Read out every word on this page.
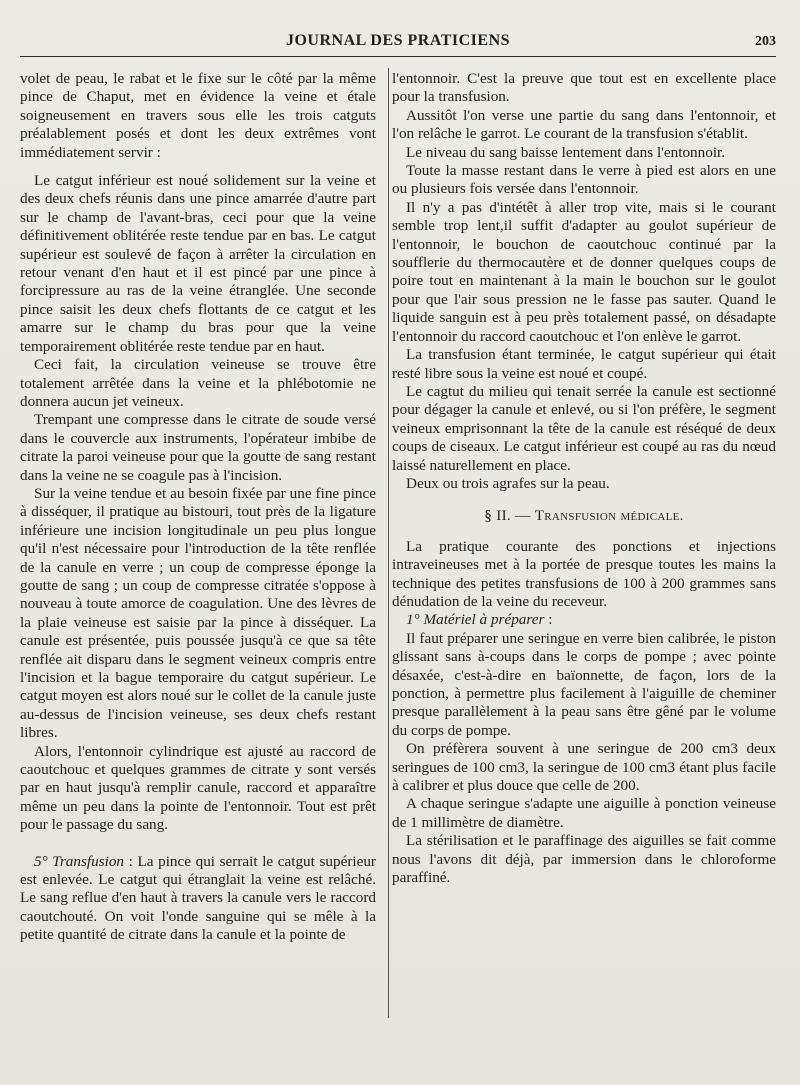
JOURNAL DES PRATICIENS	203

volet de peau, le rabat et le fixe sur le côté par la même pince de Chaput, met en évidence la veine et étale soigneusement en travers sous elle les trois catguts préalablement posés et dont les deux extrêmes vont immédiatement servir :

Le catgut inférieur est noué solidement sur la veine et des deux chefs réunis dans une pince amarrée d'autre part sur le champ de l'avant-bras, ceci pour que la veine définitivement oblitérée reste tendue par en bas. Le catgut supérieur est soulevé de façon à arrêter la circulation en retour venant d'en haut et il est pincé par une pince à forcipressure au ras de la veine étranglée. Une seconde pince saisit les deux chefs flottants de ce catgut et les amarre sur le champ du bras pour que la veine temporairement oblitérée reste tendue par en haut.

Ceci fait, la circulation veineuse se trouve être totalement arrêtée dans la veine et la phlébotomie ne donnera aucun jet veineux.

Trempant une compresse dans le citrate de soude versé dans le couvercle aux instruments, l'opérateur imbibe de citrate la paroi veineuse pour que la goutte de sang restant dans la veine ne se coagule pas à l'incision.

Sur la veine tendue et au besoin fixée par une fine pince à disséquer, il pratique au bistouri, tout près de la ligature inférieure une incision longitudinale un peu plus longue qu'il n'est nécessaire pour l'introduction de la tête renflée de la canule en verre ; un coup de compresse éponge la goutte de sang ; un coup de compresse citratée s'oppose à nouveau à toute amorce de coagulation. Une des lèvres de la plaie veineuse est saisie par la pince à disséquer. La canule est présentée, puis poussée jusqu'à ce que sa tête renflée ait disparu dans le segment veineux compris entre l'incision et la bague temporaire du catgut supérieur. Le catgut moyen est alors noué sur le collet de la canule juste au-dessus de l'incision veineuse, ses deux chefs restant libres.

Alors, l'entonnoir cylindrique est ajusté au raccord de caoutchouc et quelques grammes de citrate y sont versés par en haut jusqu'à remplir canule, raccord et apparaître même un peu dans la pointe de l'entonnoir. Tout est prêt pour le passage du sang.

5° Transfusion : La pince qui serrait le catgut supérieur est enlevée. Le catgut qui étranglait la veine est relâché. Le sang reflue d'en haut à travers la canule vers le raccord caoutchouté. On voit l'onde sanguine qui se mêle à la petite quantité de citrate dans la canule et la pointe de

l'entonnoir. C'est la preuve que tout est en excellente place pour la transfusion.

Aussitôt l'on verse une partie du sang dans l'entonnoir, et l'on relâche le garrot. Le courant de la transfusion s'établit.

Le niveau du sang baisse lentement dans l'entonnoir.

Toute la masse restant dans le verre à pied est alors en une ou plusieurs fois versée dans l'entonnoir.

Il n'y a pas d'intétêt à aller trop vite, mais si le courant semble trop lent,il suffit d'adapter au goulot supérieur de l'entonnoir, le bouchon de caoutchouc continué par la soufflerie du thermocautère et de donner quelques coups de poire tout en maintenant à la main le bouchon sur le goulot pour que l'air sous pression ne le fasse pas sauter. Quand le liquide sanguin est à peu près totalement passé, on désadapte l'entonnoir du raccord caoutchouc et l'on enlève le garrot.

La transfusion étant terminée, le catgut supérieur qui était resté libre sous la veine est noué et coupé.

Le cagtut du milieu qui tenait serrée la canule est sectionné pour dégager la canule et enlevé, ou si l'on préfère, le segment veineux emprisonnant la tête de la canule est réséqué de deux coups de ciseaux. Le catgut inférieur est coupé au ras du nœud laissé naturellement en place.

Deux ou trois agrafes sur la peau.

§ II. — Transfusion médicale.

La pratique courante des ponctions et injections intraveineuses met à la portée de presque toutes les mains la technique des petites transfusions de 100 à 200 grammes sans dénudation de la veine du receveur.

1° Matériel à préparer :

Il faut préparer une seringue en verre bien calibrée, le piston glissant sans à-coups dans le corps de pompe ; avec pointe désaxée, c'est-à-dire en baïonnette, de façon, lors de la ponction, à permettre plus facilement à l'aiguille de cheminer presque parallèlement à la peau sans être gêné par le volume du corps de pompe.

On préfèrera souvent à une seringue de 200 cm3 deux seringues de 100 cm3, la seringue de 100 cm3 étant plus facile à calibrer et plus douce que celle de 200.

A chaque seringue s'adapte une aiguille à ponction veineuse de 1 millimètre de diamètre.

La stérilisation et le paraffinage des aiguilles se fait comme nous l'avons dit déjà, par immersion dans le chloroforme paraffiné.
